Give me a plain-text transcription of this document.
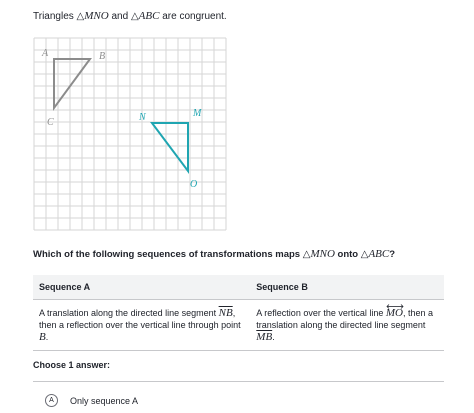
Triangles △MNO and △ABC are congruent.
A	B
C	N	M
O
Which of the following sequences of transformations maps △MNO onto △ABC?
Sequence A	Sequence B
A translation along the directed line segment $\overline{NB}$,
then a reflection over the vertical line through point
B.	A reflection over the vertical line
MO, then a
translation along the directed line segment
$\overline{MB}$.
Choose 1 answer:
A	Only sequence A
